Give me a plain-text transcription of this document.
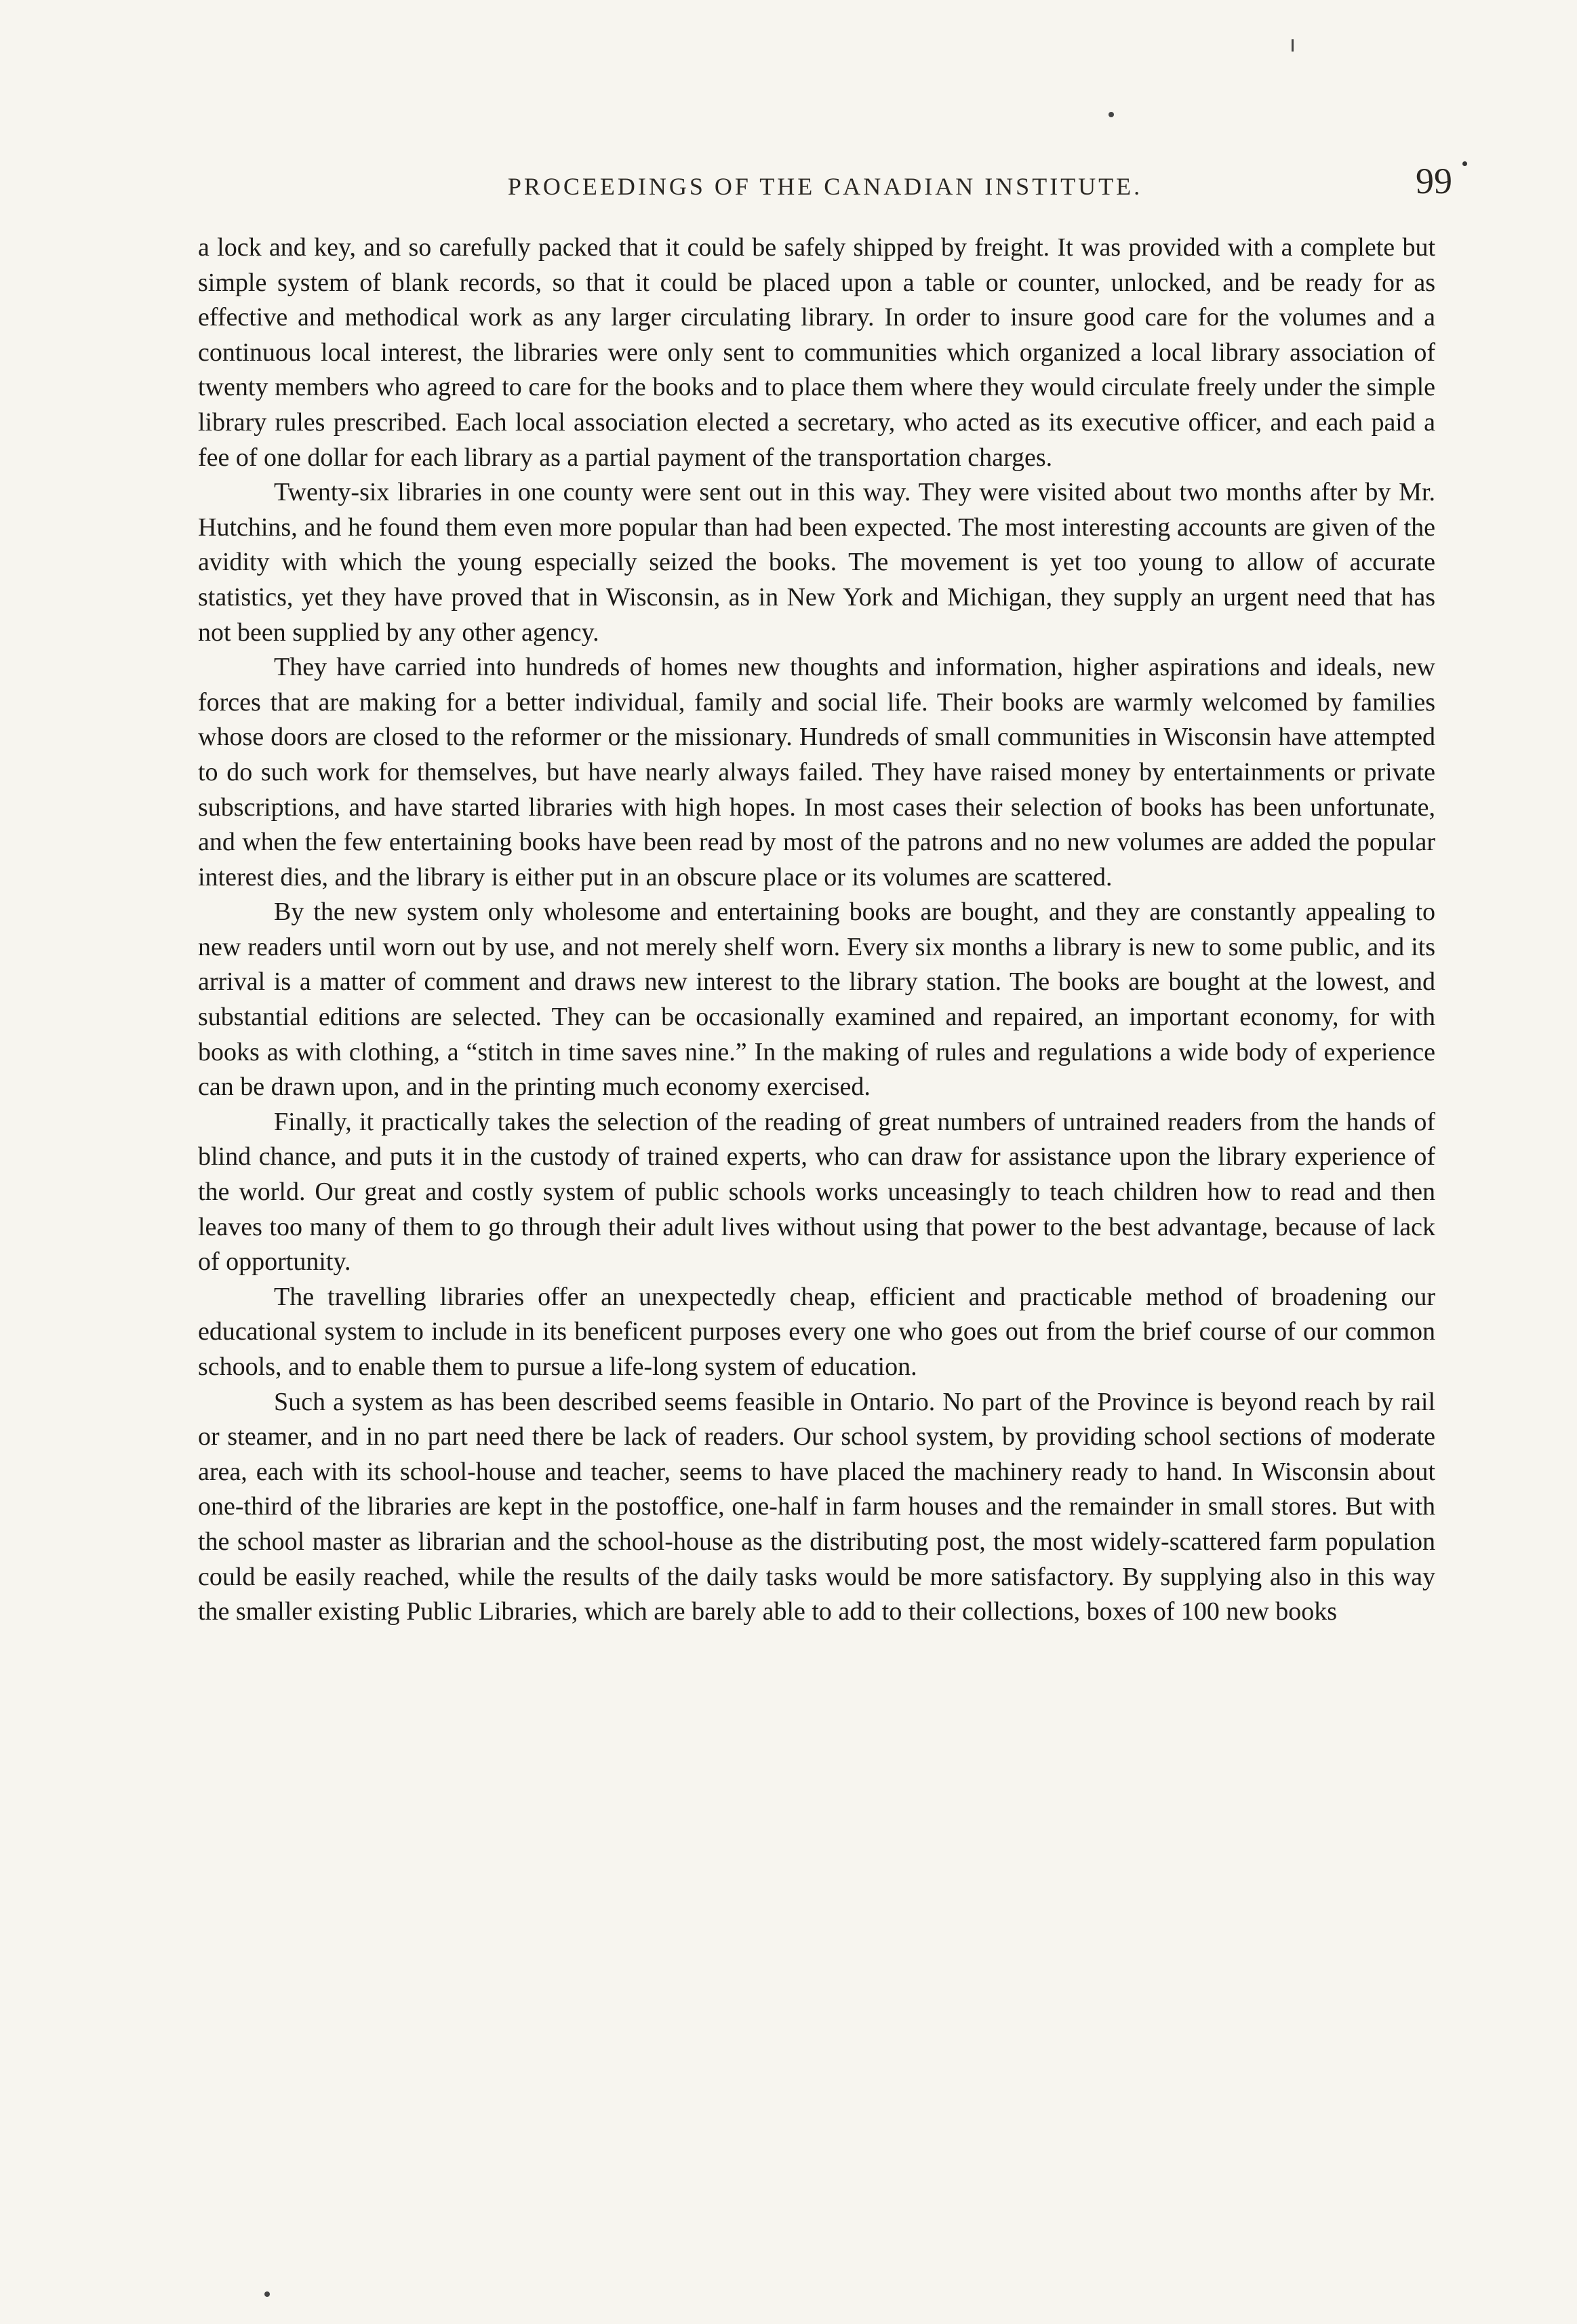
PROCEEDINGS OF THE CANADIAN INSTITUTE.	99

a lock and key, and so carefully packed that it could be safely shipped by freight. It was provided with a complete but simple system of blank records, so that it could be placed upon a table or counter, unlocked, and be ready for as effective and methodical work as any larger circulating library. In order to insure good care for the volumes and a continuous local interest, the libraries were only sent to communities which organized a local library association of twenty members who agreed to care for the books and to place them where they would circulate freely under the simple library rules prescribed. Each local association elected a secretary, who acted as its executive officer, and each paid a fee of one dollar for each library as a partial payment of the transportation charges.

Twenty-six libraries in one county were sent out in this way. They were visited about two months after by Mr. Hutchins, and he found them even more popular than had been expected. The most interesting accounts are given of the avidity with which the young especially seized the books. The movement is yet too young to allow of accurate statistics, yet they have proved that in Wisconsin, as in New York and Michigan, they supply an urgent need that has not been supplied by any other agency.

They have carried into hundreds of homes new thoughts and information, higher aspirations and ideals, new forces that are making for a better individual, family and social life. Their books are warmly welcomed by families whose doors are closed to the reformer or the missionary. Hundreds of small communities in Wisconsin have attempted to do such work for themselves, but have nearly always failed. They have raised money by entertainments or private subscriptions, and have started libraries with high hopes. In most cases their selection of books has been unfortunate, and when the few entertaining books have been read by most of the patrons and no new volumes are added the popular interest dies, and the library is either put in an obscure place or its volumes are scattered.

By the new system only wholesome and entertaining books are bought, and they are constantly appealing to new readers until worn out by use, and not merely shelf worn. Every six months a library is new to some public, and its arrival is a matter of comment and draws new interest to the library station. The books are bought at the lowest, and substantial editions are selected. They can be occasionally examined and repaired, an important economy, for with books as with clothing, a “stitch in time saves nine.” In the making of rules and regulations a wide body of experience can be drawn upon, and in the printing much economy exercised.

Finally, it practically takes the selection of the reading of great numbers of untrained readers from the hands of blind chance, and puts it in the custody of trained experts, who can draw for assistance upon the library experience of the world. Our great and costly system of public schools works unceasingly to teach children how to read and then leaves too many of them to go through their adult lives without using that power to the best advantage, because of lack of opportunity.

The travelling libraries offer an unexpectedly cheap, efficient and practicable method of broadening our educational system to include in its beneficent purposes every one who goes out from the brief course of our common schools, and to enable them to pursue a life-long system of education.

Such a system as has been described seems feasible in Ontario. No part of the Province is beyond reach by rail or steamer, and in no part need there be lack of readers. Our school system, by providing school sections of moderate area, each with its school-house and teacher, seems to have placed the machinery ready to hand. In Wisconsin about one-third of the libraries are kept in the postoffice, one-half in farm houses and the remainder in small stores. But with the school master as librarian and the school-house as the distributing post, the most widely-scattered farm population could be easily reached, while the results of the daily tasks would be more satisfactory. By supplying also in this way the smaller existing Public Libraries, which are barely able to add to their collections, boxes of 100 new books
